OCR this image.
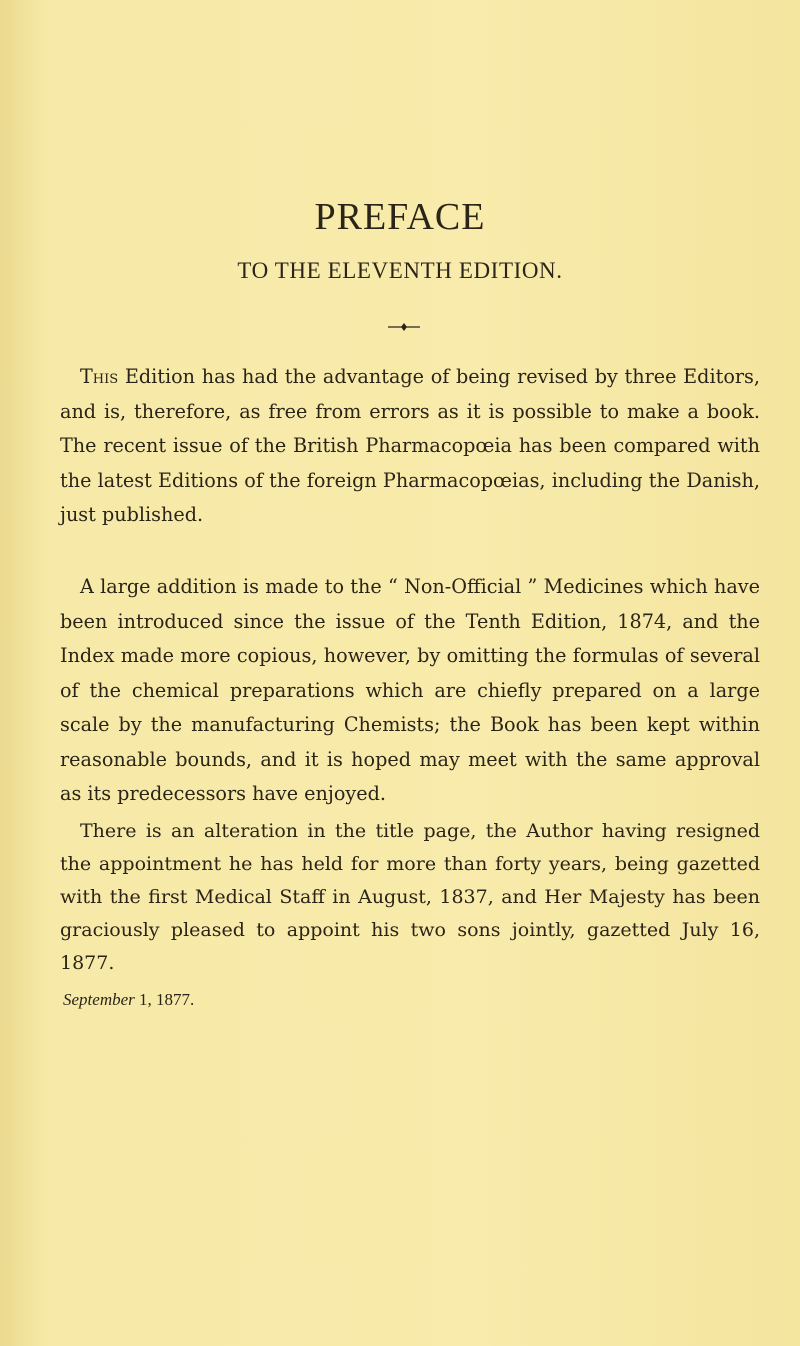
PREFACE
TO THE ELEVENTH EDITION.

This Edition has had the advantage of being revised by three Editors, and is, therefore, as free from errors as it is possible to make a book. The recent issue of the British Pharmacopœia has been compared with the latest Editions of the foreign Pharmacopœias, including the Danish, just published.

A large addition is made to the “ Non-Official ” Medicines which have been introduced since the issue of the Tenth Edition, 1874, and the Index made more copious, however, by omitting the formulas of several of the chemical preparations which are chiefly prepared on a large scale by the manufacturing Chemists; the Book has been kept within reasonable bounds, and it is hoped may meet with the same approval as its predecessors have enjoyed.

There is an alteration in the title page, the Author having resigned the appointment he has held for more than forty years, being gazetted with the first Medical Staff in August, 1837, and Her Majesty has been graciously pleased to appoint his two sons jointly, gazetted July 16, 1877.

September 1, 1877.
